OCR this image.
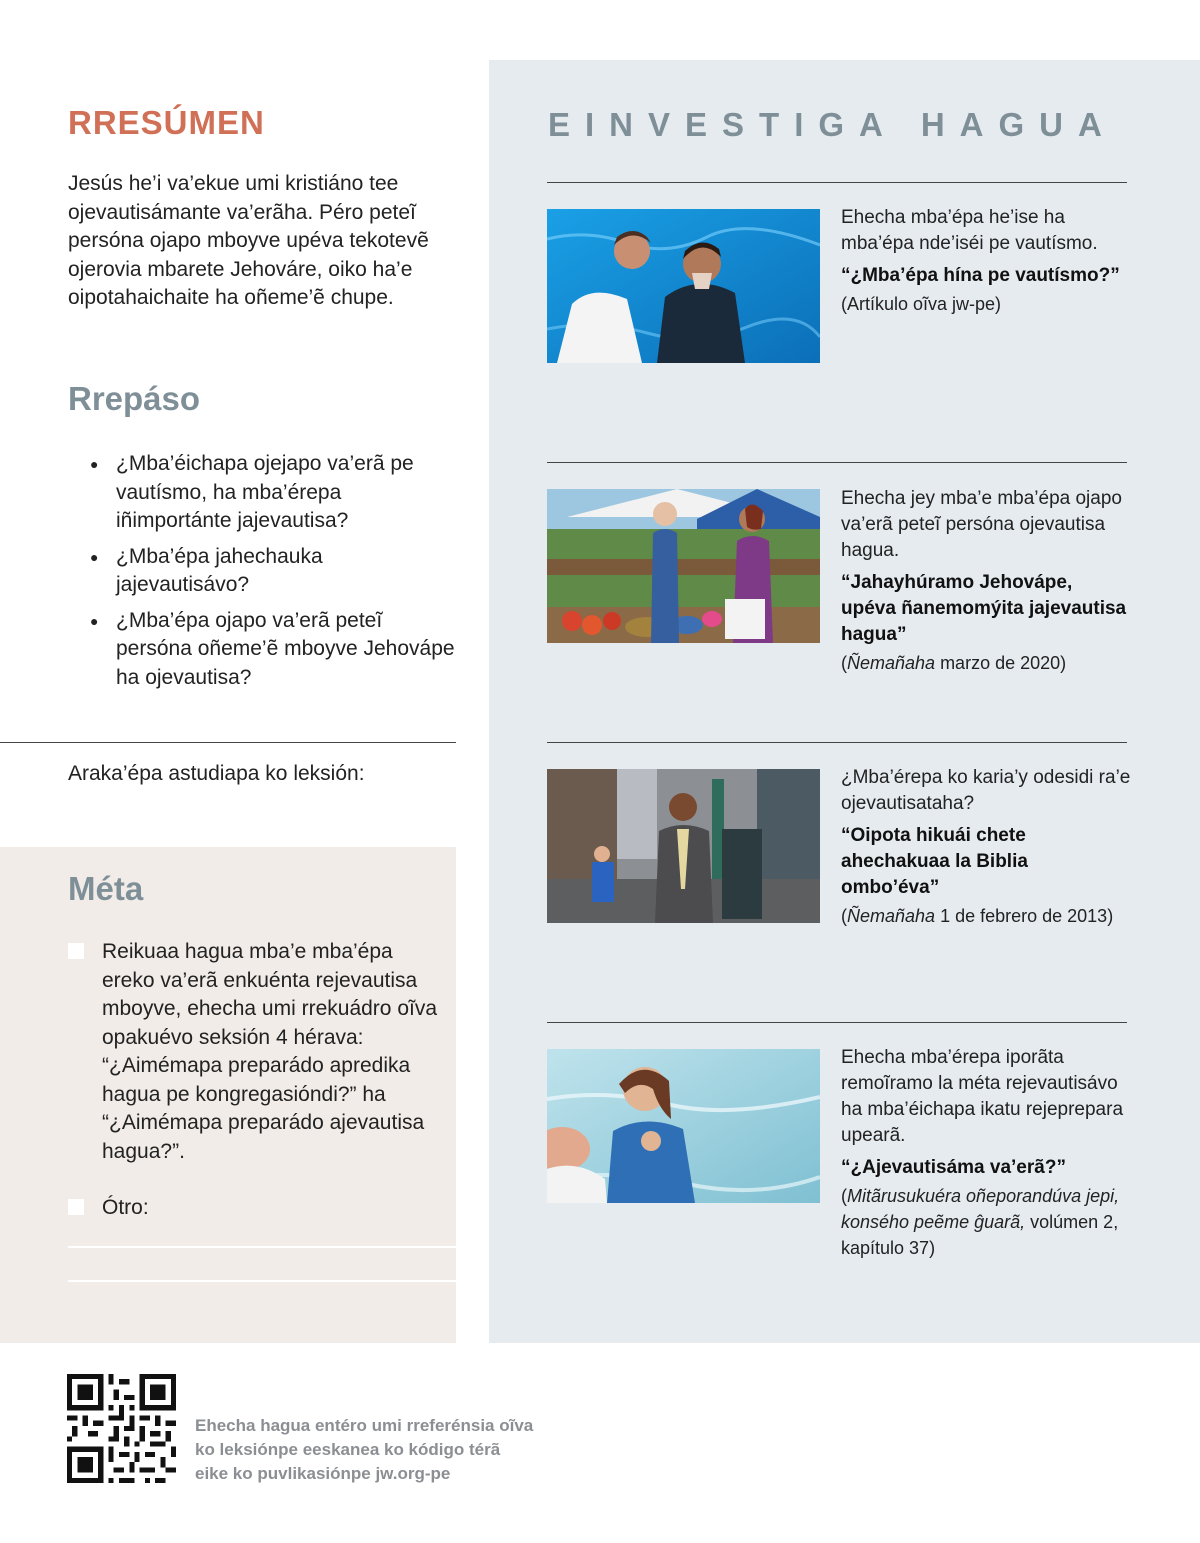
RRESÚMEN

Jesús he’i va’ekue umi kristiáno tee ojevautisámante va’erãha. Péro peteĩ persóna ojapo mboyve upéva tekotevẽ ojerovia mbarete Jehováre, oiko ha’e oipotahaichaite ha oñeme’ẽ chupe.

Rrepáso
● ¿Mba’éichapa ojejapo va’erã pe vautísmo, ha mba’érepa iñimportánte jajevautisa?
● ¿Mba’épa jahechauka jajevautisávo?
● ¿Mba’épa ojapo va’erã peteĩ persóna oñeme’ẽ mboyve Jehovápe ha ojevautisa?
Araka’épa astudiapa ko leksión:
Méta
Reikuaa hagua mba’e mba’épa ereko va’erã enkuénta rejevautisa mboyve, ehecha umi rrekuádro oĩva opakuévo seksión 4 hérava: “¿Aimémapa preparádo apredika hagua pe kongregasióndi?” ha “¿Aimémapa preparádo ajevautisa hagua?”.
Ótro:
EINVESTIGA HAGUA

Ehecha mba’épa he’ise ha mba’épa nde’iséi pe vautísmo.

“¿Mba’épa hína pe vautísmo?”

(Artíkulo oĩva jw-pe)

Ehecha jey mba’e mba’épa ojapo va’erã peteĩ persóna ojevautisa hagua.

“Jahayhúramo Jehovápe, upéva ñanemomýita jajevautisa hagua”

(Ñemañaha marzo de 2020)

¿Mba’érepa ko karia’y odesidi ra’e ojevautisataha?

“Oipota hikuái chete ahechakuaa la Biblia ombo’éva”

(Ñemañaha 1 de febrero de 2013)

Ehecha mba’érepa iporãta remoĩramo la méta rejevautisávo ha mba’éichapa ikatu rejeprepara upearã.

“¿Ajevautisáma va’erã?”

(Mitãrusukuéra oñeporandúva jepi, konsého peẽme ĝuarã, volúmen 2, kapítulo 37)

Ehecha hagua entéro umi rreferénsia oĩva ko leksiónpe eeskanea ko kódigo térã eike ko puvlikasiónpe jw.org-pe
